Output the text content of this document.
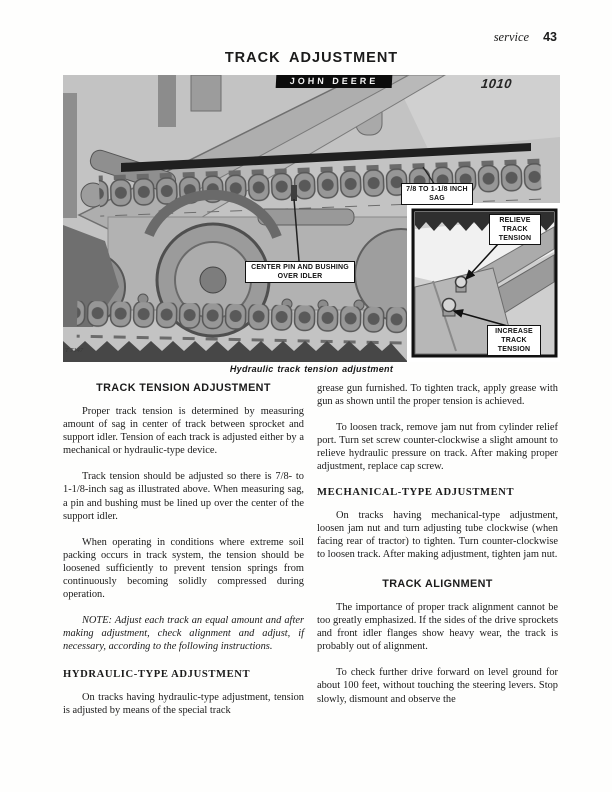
service 43
TRACK ADJUSTMENT
JOHN DEERE	1010
7/8 TO 1-1/8 INCH SAG
CENTER PIN AND BUSHING OVER IDLER
RELIEVE TRACK TENSION
INCREASE TRACK TENSION
T 7147
Hydraulic track tension adjustment
TRACK TENSION ADJUSTMENT

Proper track tension is determined by measuring amount of sag in center of track between sprocket and support idler. Tension of each track is adjusted either by a mechanical or hydraulic-type device.

Track tension should be adjusted so there is 7/8- to 1-1/8-inch sag as illustrated above. When measuring sag, a pin and bushing must be lined up over the center of the support idler.

When operating in conditions where extreme soil packing occurs in track system, the tension should be loosened sufficiently to prevent tension springs from continuously becoming solidly compressed during operation.

NOTE: Adjust each track an equal amount and after making adjustment, check alignment and adjust, if necessary, according to the following instructions.

HYDRAULIC-TYPE ADJUSTMENT

On tracks having hydraulic-type adjustment, tension is adjusted by means of the special track

grease gun furnished. To tighten track, apply grease with gun as shown until the proper tension is achieved.

To loosen track, remove jam nut from cylinder relief port. Turn set screw counter-clockwise a slight amount to relieve hydraulic pressure on track. After making proper adjustment, replace cap screw.

MECHANICAL-TYPE ADJUSTMENT

On tracks having mechanical-type adjustment, loosen jam nut and turn adjusting tube clockwise (when facing rear of tractor) to tighten. Turn counter-clockwise to loosen track. After making adjustment, tighten jam nut.

TRACK ALIGNMENT

The importance of proper track alignment cannot be too greatly emphasized. If the sides of the drive sprockets and front idler flanges show heavy wear, the track is probably out of alignment.

To check further drive forward on level ground for about 100 feet, without touching the steering levers. Stop slowly, dismount and observe the
